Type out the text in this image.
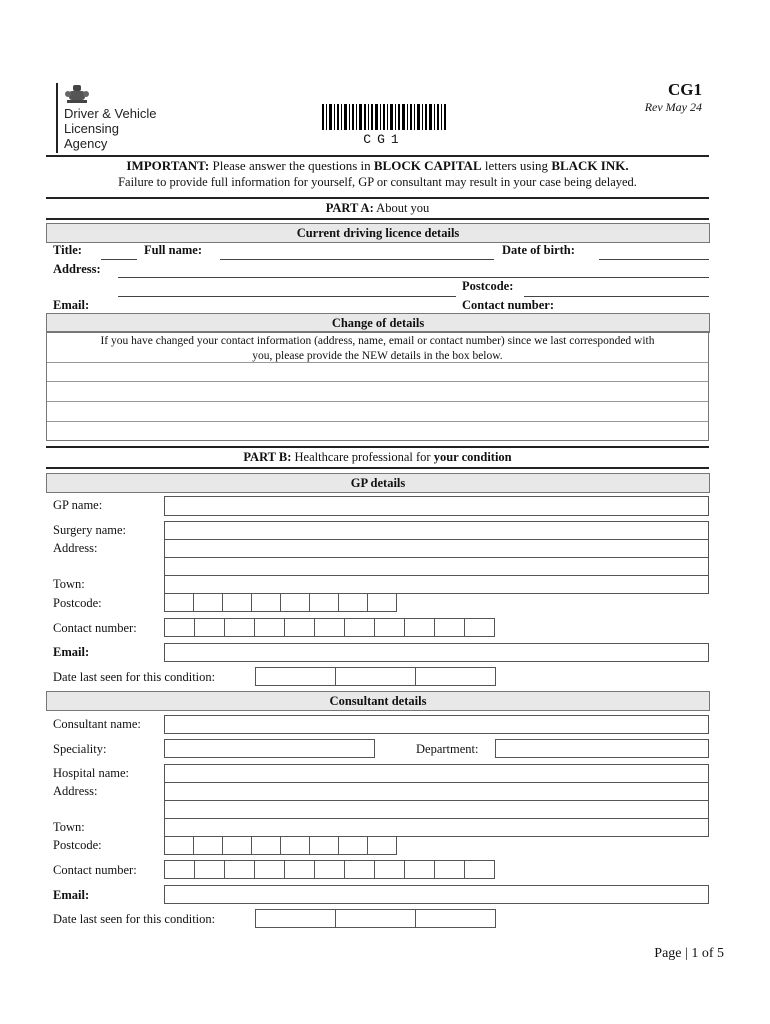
Driver & Vehicle
Licensing
Agency	CG1
CG1
Rev May 24
IMPORTANT: Please answer the questions in BLOCK CAPITAL letters using BLACK INK.
Failure to provide full information for yourself, GP or consultant may result in your case being delayed.
PART A: About you
Current driving licence details
Title:	Full name:	Date of birth:
Address:
Postcode:
Email:	Contact number:
Change of details
If you have changed your contact information (address, name, email or contact number) since we last corresponded with
you, please provide the NEW details in the box below.
PART B: Healthcare professional for your condition
GP details
GP name:
Surgery name:
Address:
Town:
Postcode:
Contact number:
Email:
Date last seen for this condition:
Consultant details
Consultant name:
Speciality:	Department:
Hospital name:
Address:
Town:
Postcode:
Contact number:
Email:
Date last seen for this condition:
Page | 1 of 5
